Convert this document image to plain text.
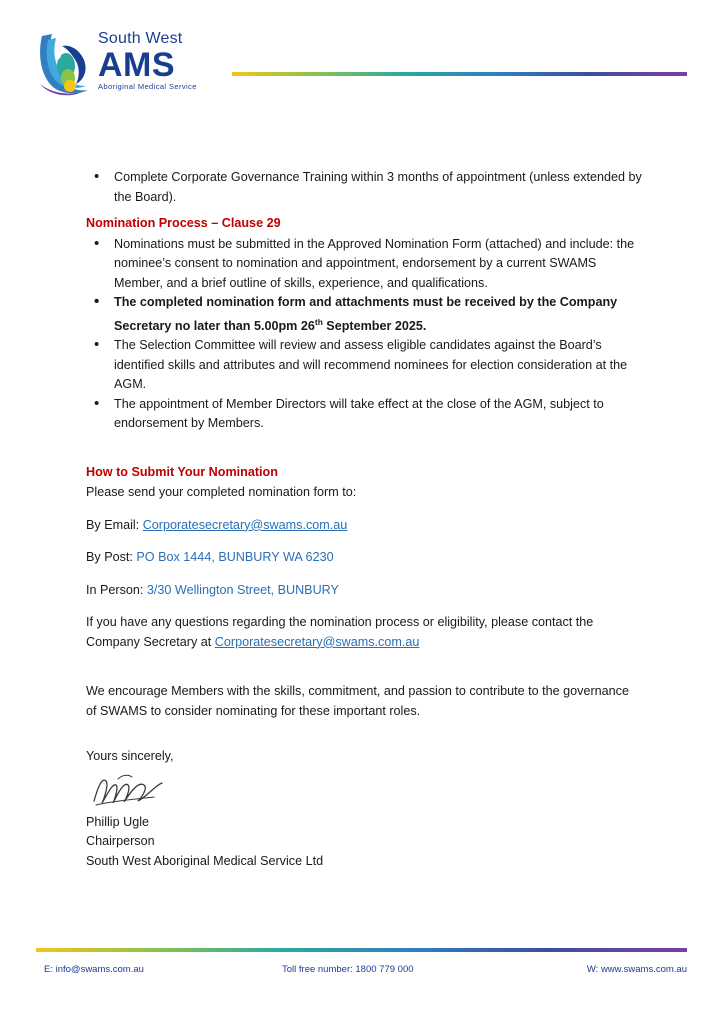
South West
AMS
Aboriginal Medical Service
• Complete Corporate Governance Training within 3 months of appointment (unless extended by the Board).
Nomination Process – Clause 29
• Nominations must be submitted in the Approved Nomination Form (attached) and include: the nominee’s consent to nomination and appointment, endorsement by a current SWAMS Member, and a brief outline of skills, experience, and qualifications.
• The completed nomination form and attachments must be received by the Company Secretary no later than 5.00pm 26th September 2025.
• The Selection Committee will review and assess eligible candidates against the Board’s identified skills and attributes and will recommend nominees for election consideration at the AGM.
• The appointment of Member Directors will take effect at the close of the AGM, subject to endorsement by Members.
How to Submit Your Nomination

Please send your completed nomination form to:

By Email: Corporatesecretary@swams.com.au

By Post: PO Box 1444, BUNBURY WA 6230

In Person: 3/30 Wellington Street, BUNBURY

If you have any questions regarding the nomination process or eligibility, please contact the Company Secretary at Corporatesecretary@swams.com.au

We encourage Members with the skills, commitment, and passion to contribute to the governance of SWAMS to consider nominating for these important roles.

Yours sincerely,

Phillip Ugle

Chairperson

South West Aboriginal Medical Service Ltd

E: info@swams.com.au	Toll free number: 1800 779 000	W: www.swams.com.au
